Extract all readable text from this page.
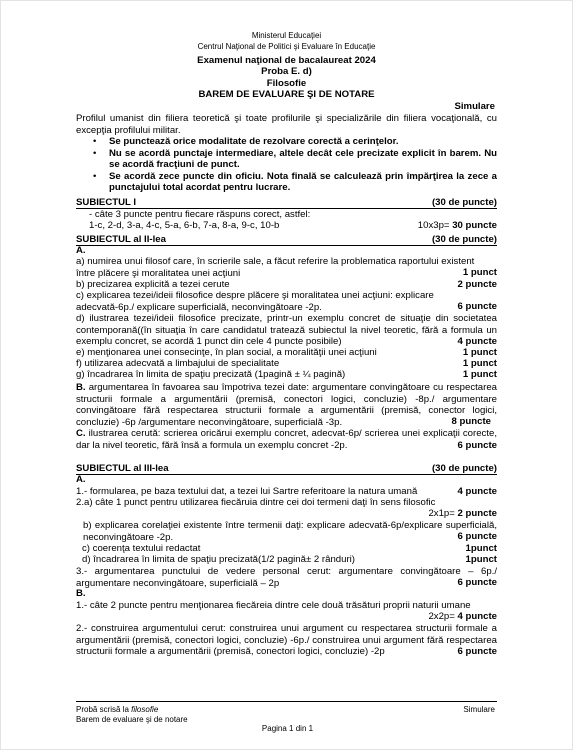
Ministerul Educaţiei
Centrul Naţional de Politici şi Evaluare în Educaţie
Examenul naţional de bacalaureat 2024
Proba E. d)
Filosofie
BAREM DE EVALUARE ŞI DE NOTARE
Simulare
Profilul umanist din filiera teoretică şi toate profilurile şi specializările din filiera vocaţională, cu excepţia profilului militar.
• Se punctează orice modalitate de rezolvare corectă a cerinţelor.
• Nu se acordă punctaje intermediare, altele decât cele precizate explicit în barem. Nu se acordă fracţiuni de punct.
• Se acordă zece puncte din oficiu. Nota finală se calculează prin împărţirea la zece a punctajului total acordat pentru lucrare.
SUBIECTUL I	(30 de puncte)
- câte 3 puncte pentru fiecare răspuns corect, astfel:
1-c, 2-d, 3-a, 4-c, 5-a, 6-b, 7-a, 8-a, 9-c, 10-b	10x3p= 30 puncte
SUBIECTUL al II-lea	(30 de puncte)
A.
a) numirea unui filosof care, în scrierile sale, a făcut referire la problematica raportului existent între plăcere şi moralitatea unei acţiuni	1 punct
b) precizarea explicită a tezei cerute	2 puncte
c) explicarea tezei/ideii filosofice despre plăcere şi moralitatea unei acţiuni: explicare adecvată-6p./ explicare superficială, neconvingătoare -2p.	6 puncte
d) ilustrarea tezei/ideii filosofice precizate, printr-un exemplu concret de situaţie din societatea contemporană((în situaţia în care candidatul tratează subiectul la nivel teoretic, fără a formula un exemplu concret, se acordă 1 punct din cele 4 puncte posibile)	4 puncte
e) menţionarea unei consecinţe, în plan social, a moralităţii unei acţiuni	1 punct
f) utilizarea adecvată a limbajului de specialitate	1 punct
g) încadrarea în limita de spaţiu precizată (1pagină ± ¼ pagină)	1 punct
B. argumentarea în favoarea sau împotriva tezei date: argumentare convingătoare cu respectarea structurii formale a argumentării (premisă, conectori logici, concluzie) -8p./ argumentare convingătoare fără respectarea structurii formale a argumentării (premisă, conector logici, concluzie) -6p /argumentare neconvingătoare, superficială -3p.	8 puncte
C. ilustrarea cerută: scrierea oricărui exemplu concret, adecvat-6p/ scrierea unei explicaţii corecte, dar la nivel teoretic, fără însă a formula un exemplu concret -2p.	6 puncte
SUBIECTUL al III-lea	(30 de puncte)
A.
1.- formularea, pe baza textului dat, a tezei lui Sartre referitoare la natura umană	4 puncte
2.a) câte 1 punct pentru utilizarea fiecăruia dintre cei doi termeni daţi în sens filosofic
2x1p= 2 puncte
b) explicarea corelaţiei existente între termenii daţi: explicare adecvată-6p/explicare superficială, neconvingătoare -2p.	6 puncte
c) coerenţa textului redactat	1punct
d) încadrarea în limita de spaţiu precizată(1/2 pagină± 2 rânduri)	1punct
3.- argumentarea punctului de vedere personal cerut: argumentare convingătoare – 6p./ argumentare neconvingătoare, superficială – 2p	6 puncte
B.
1.- câte 2 puncte pentru menţionarea fiecăreia dintre cele două trăsături proprii naturii umane
2x2p= 4 puncte
2.- construirea argumentului cerut: construirea unui argument cu respectarea structurii formale a argumentării (premisă, conectori logici, concluzie) -6p./ construirea unui argument fără respectarea structurii formale a argumentării (premisă, conectori logici, concluzie) -2p	6 puncte
Probă scrisă la filosofie	Simulare
Barem de evaluare şi de notare
Pagina 1 din 1
